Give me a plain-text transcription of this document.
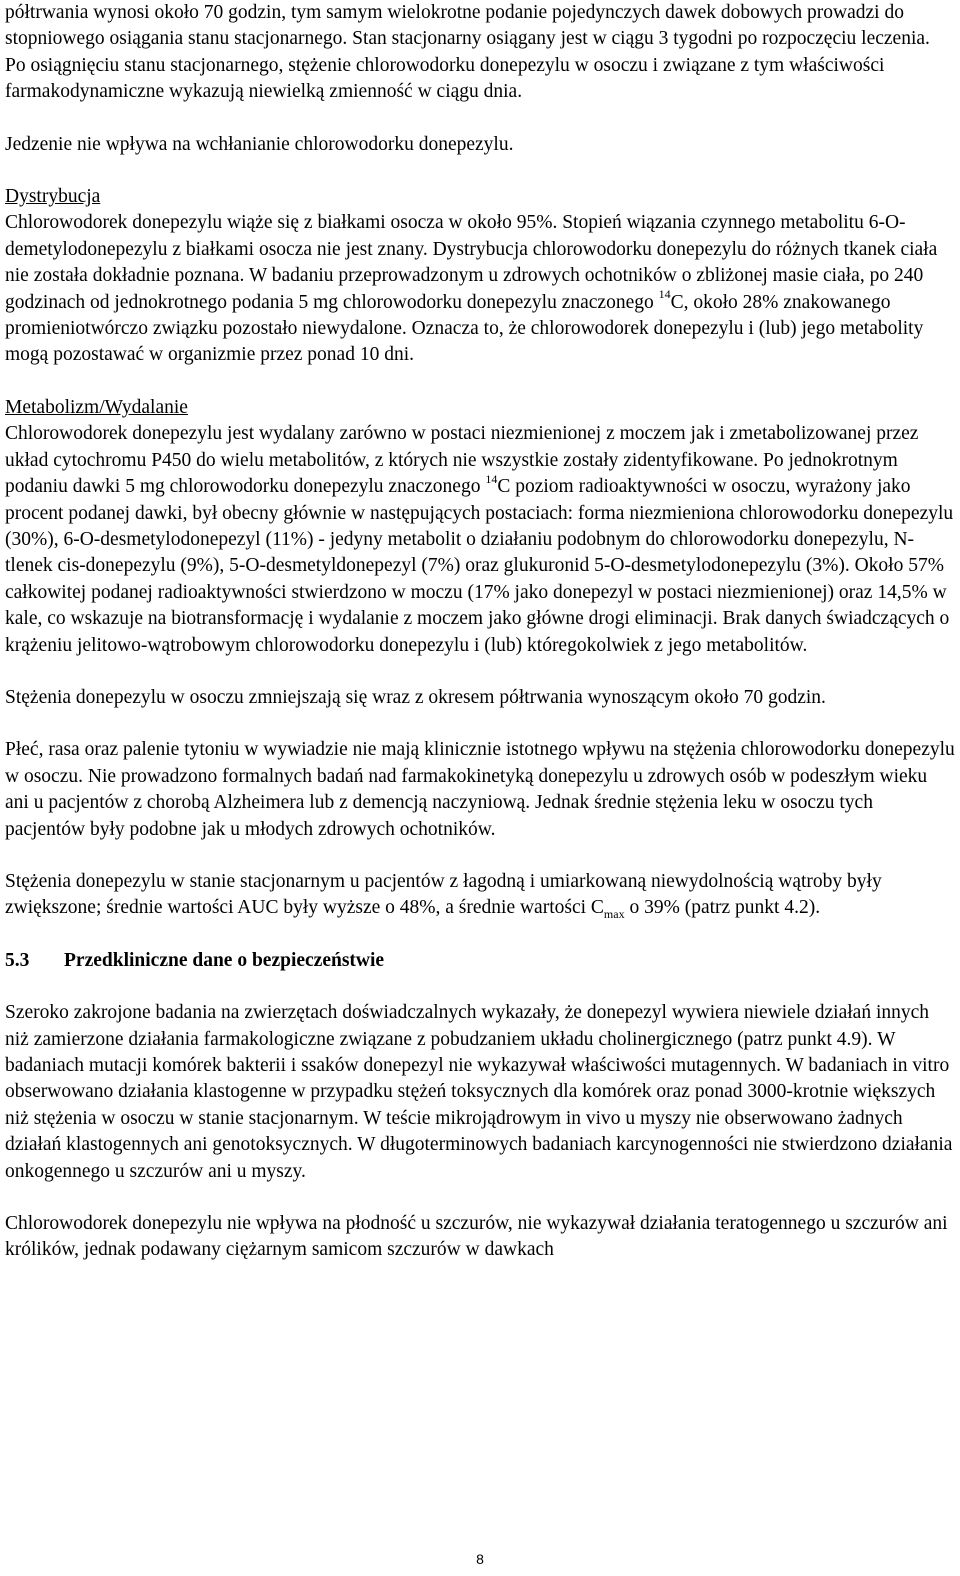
półtrwania wynosi około 70 godzin, tym samym wielokrotne podanie pojedynczych dawek dobowych prowadzi do stopniowego osiągania stanu stacjonarnego. Stan stacjonarny osiągany jest w ciągu 3 tygodni po rozpoczęciu leczenia. Po osiągnięciu stanu stacjonarnego, stężenie chlorowodorku donepezylu w osoczu i związane z tym właściwości farmakodynamiczne wykazują niewielką zmienność w ciągu dnia.

Jedzenie nie wpływa na wchłanianie chlorowodorku donepezylu.

Dystrybucja

Chlorowodorek donepezylu wiąże się z białkami osocza w około 95%. Stopień wiązania czynnego metabolitu 6-O-demetylodonepezylu z białkami osocza nie jest znany. Dystrybucja chlorowodorku donepezylu do różnych tkanek ciała nie została dokładnie poznana. W badaniu przeprowadzonym u zdrowych ochotników o zbliżonej masie ciała, po 240 godzinach od jednokrotnego podania 5 mg chlorowodorku donepezylu znaczonego $^{14}$C, około 28% znakowanego promieniotwórczo związku pozostało niewydalone. Oznacza to, że chlorowodorek donepezylu i (lub) jego metabolity mogą pozostawać w organizmie przez ponad 10 dni.

Metabolizm/Wydalanie

Chlorowodorek donepezylu jest wydalany zarówno w postaci niezmienionej z moczem jak i zmetabolizowanej przez układ cytochromu P450 do wielu metabolitów, z których nie wszystkie zostały zidentyfikowane. Po jednokrotnym podaniu dawki 5 mg chlorowodorku donepezylu znaczonego $^{14}$C poziom radioaktywności w osoczu, wyrażony jako procent podanej dawki, był obecny głównie w następujących postaciach: forma niezmieniona chlorowodorku donepezylu (30%), 6-O-desmetylodonepezyl (11%) - jedyny metabolit o działaniu podobnym do chlorowodorku donepezylu, N-tlenek cis-donepezylu (9%), 5-O-desmetyldonepezyl (7%) oraz glukuronid 5-O-desmetylodonepezylu (3%). Około 57% całkowitej podanej radioaktywności stwierdzono w moczu (17% jako donepezyl w postaci niezmienionej) oraz 14,5% w kale, co wskazuje na biotransformację i wydalanie z moczem jako główne drogi eliminacji. Brak danych świadczących o krążeniu jelitowo-wątrobowym chlorowodorku donepezylu i (lub) któregokolwiek z jego metabolitów.

Stężenia donepezylu w osoczu zmniejszają się wraz z okresem półtrwania wynoszącym około 70 godzin.

Płeć, rasa oraz palenie tytoniu w wywiadzie nie mają klinicznie istotnego wpływu na stężenia chlorowodorku donepezylu w osoczu. Nie prowadzono formalnych badań nad farmakokinetyką donepezylu u zdrowych osób w podeszłym wieku ani u pacjentów z chorobą Alzheimera lub z demencją naczyniową. Jednak średnie stężenia leku w osoczu tych pacjentów były podobne jak u młodych zdrowych ochotników.

Stężenia donepezylu w stanie stacjonarnym u pacjentów z łagodną i umiarkowaną niewydolnością wątroby były zwiększone; średnie wartości AUC były wyższe o 48%, a średnie wartości $C_{max}$ o 39% (patrz punkt 4.2).

5.3 Przedkliniczne dane o bezpieczeństwie

Szeroko zakrojone badania na zwierzętach doświadczalnych wykazały, że donepezyl wywiera niewiele działań innych niż zamierzone działania farmakologiczne związane z pobudzaniem układu cholinergicznego (patrz punkt 4.9). W badaniach mutacji komórek bakterii i ssaków donepezyl nie wykazywał właściwości mutagennych. W badaniach in vitro obserwowano działania klastogenne w przypadku stężeń toksycznych dla komórek oraz ponad 3000-krotnie większych niż stężenia w osoczu w stanie stacjonarnym. W teście mikrojądrowym in vivo u myszy nie obserwowano żadnych działań klastogennych ani genotoksycznych. W długoterminowych badaniach karcynogenności nie stwierdzono działania onkogennego u szczurów ani u myszy.

Chlorowodorek donepezylu nie wpływa na płodność u szczurów, nie wykazywał działania teratogennego u szczurów ani królików, jednak podawany ciężarnym samicom szczurów w dawkach

8
